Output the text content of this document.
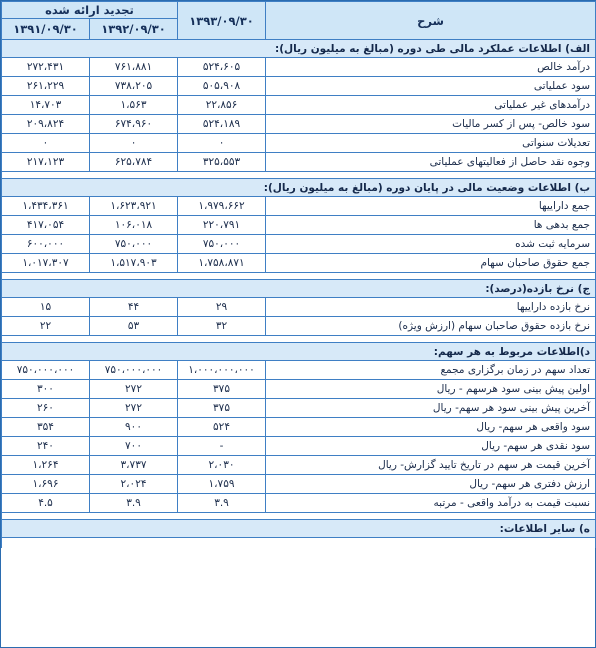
تجدید ارائه شده		۱۳۹۳/۰۹/۳۰	شرح
۱۳۹۱/۰۹/۳۰	۱۳۹۲/۰۹/۳۰		
الف) اطلاعات عملکرد مالی طی دوره (مبالغ به میلیون ریال):			
۲۷۲،۴۳۱	۷۶۱،۸۸۱	۵۲۴،۶۰۵	درآمد خالص
۲۶۱،۲۲۹	۷۳۸،۲۰۵	۵۰۵،۹۰۸	سود عملیاتی
۱۴،۷۰۳	۱،۵۶۳	۲۲،۸۵۶	درآمدهای غیر عملیاتی
۲۰۹،۸۲۴	۶۷۴،۹۶۰	۵۲۴،۱۸۹	سود خالص- پس از کسر مالیات
۰	۰	۰	تعدیلات سنواتی
۲۱۷،۱۲۳	۶۲۵،۷۸۴	۳۲۵،۵۵۳	وجوه نقد حاصل از فعالیتهای عملیاتی

ب) اطلاعات وضعیت مالی در پایان دوره (مبالغ به میلیون ریال):			
۱،۴۳۴،۳۶۱	۱،۶۲۳،۹۲۱	۱،۹۷۹،۶۶۲	جمع داراییها
۴۱۷،۰۵۴	۱۰۶،۰۱۸	۲۲۰،۷۹۱	جمع بدهی ها
۶۰۰،۰۰۰	۷۵۰،۰۰۰	۷۵۰،۰۰۰	سرمایه ثبت شده
۱،۰۱۷،۳۰۷	۱،۵۱۷،۹۰۳	۱،۷۵۸،۸۷۱	جمع حقوق صاحبان سهام

ج) نرخ بازده(درصد):			
۱۵	۴۴	۲۹	نرخ بازده داراییها
۲۲	۵۳	۳۲	نرخ بازده حقوق صاحبان سهام (ارزش ویژه)

د)اطلاعات مربوط به هر سهم:			
۷۵۰،۰۰۰،۰۰۰	۷۵۰،۰۰۰،۰۰۰	۱،۰۰۰،۰۰۰،۰۰۰	تعداد سهم در زمان برگزاری مجمع
۳۰۰	۲۷۲	۳۷۵	اولین پیش بینی سود هرسهم - ریال
۲۶۰	۲۷۲	۳۷۵	آخرین پیش بینی سود هر سهم- ریال
۳۵۴	۹۰۰	۵۲۴	سود واقعی هر سهم- ریال
۲۴۰	۷۰۰	-	سود نقدی هر سهم- ریال
۱،۲۶۴	۳،۷۳۷	۲،۰۳۰	آخرین قیمت هر سهم در تاریخ تایید گزارش- ریال
۱،۶۹۶	۲،۰۲۴	۱،۷۵۹	ارزش دفتری هر سهم- ریال
۴.۵	۳.۹	۳.۹	نسبت قیمت به درآمد واقعی - مرتبه

ه) سایر اطلاعات:			
